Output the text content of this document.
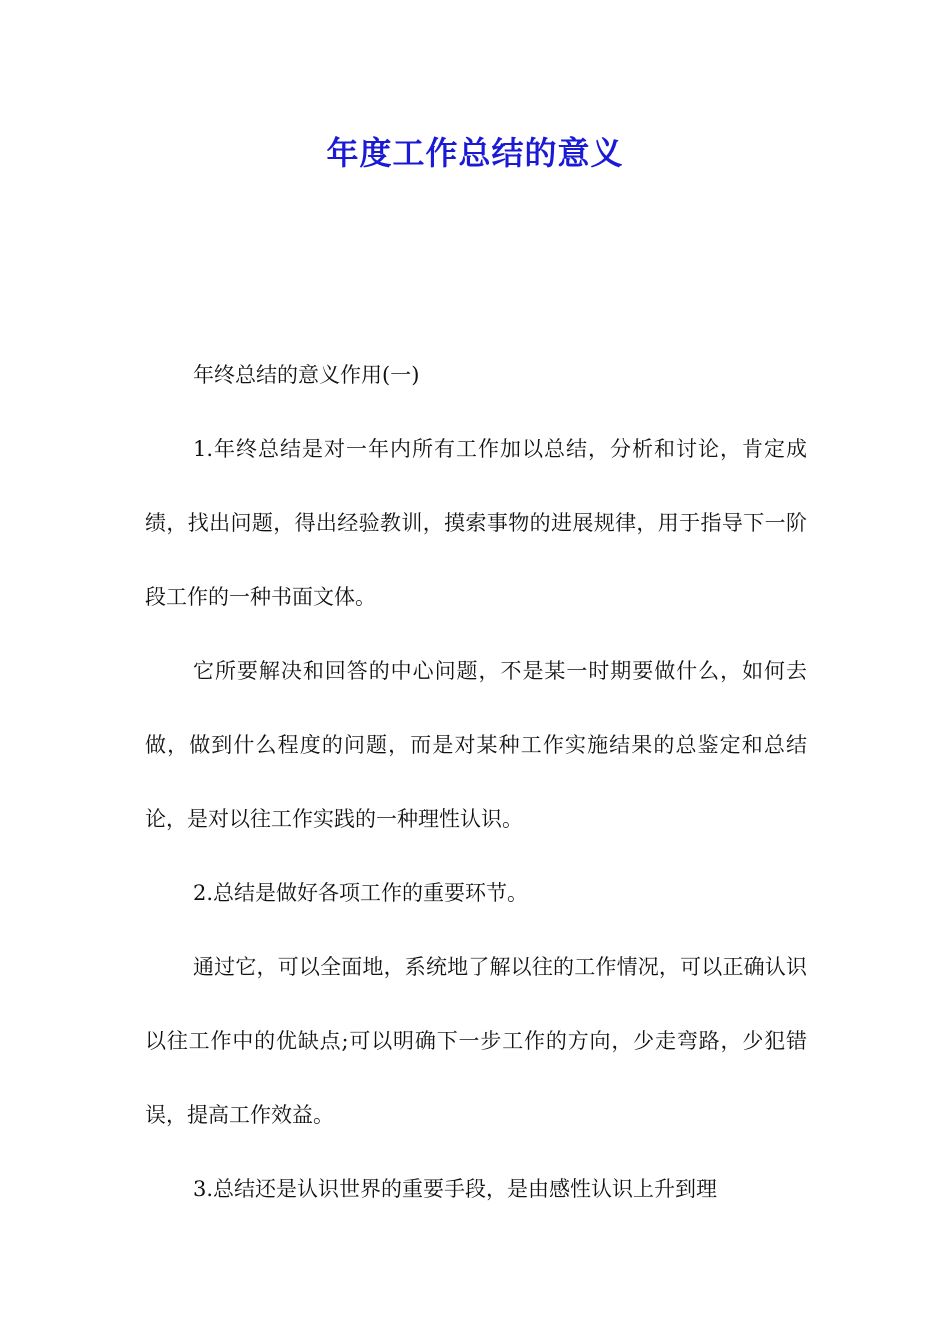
年度工作总结的意义

年终总结的意义作用(一)

1.年终总结是对一年内所有工作加以总结，分析和讨论，肯定成绩，找出问题，得出经验教训，摸索事物的进展规律，用于指导下一阶段工作的一种书面文体。

它所要解决和回答的中心问题，不是某一时期要做什么，如何去做，做到什么程度的问题，而是对某种工作实施结果的总鉴定和总结论，是对以往工作实践的一种理性认识。

2.总结是做好各项工作的重要环节。

通过它，可以全面地，系统地了解以往的工作情况，可以正确认识以往工作中的优缺点;可以明确下一步工作的方向，少走弯路，少犯错误，提高工作效益。

3.总结还是认识世界的重要手段，是由感性认识上升到理
